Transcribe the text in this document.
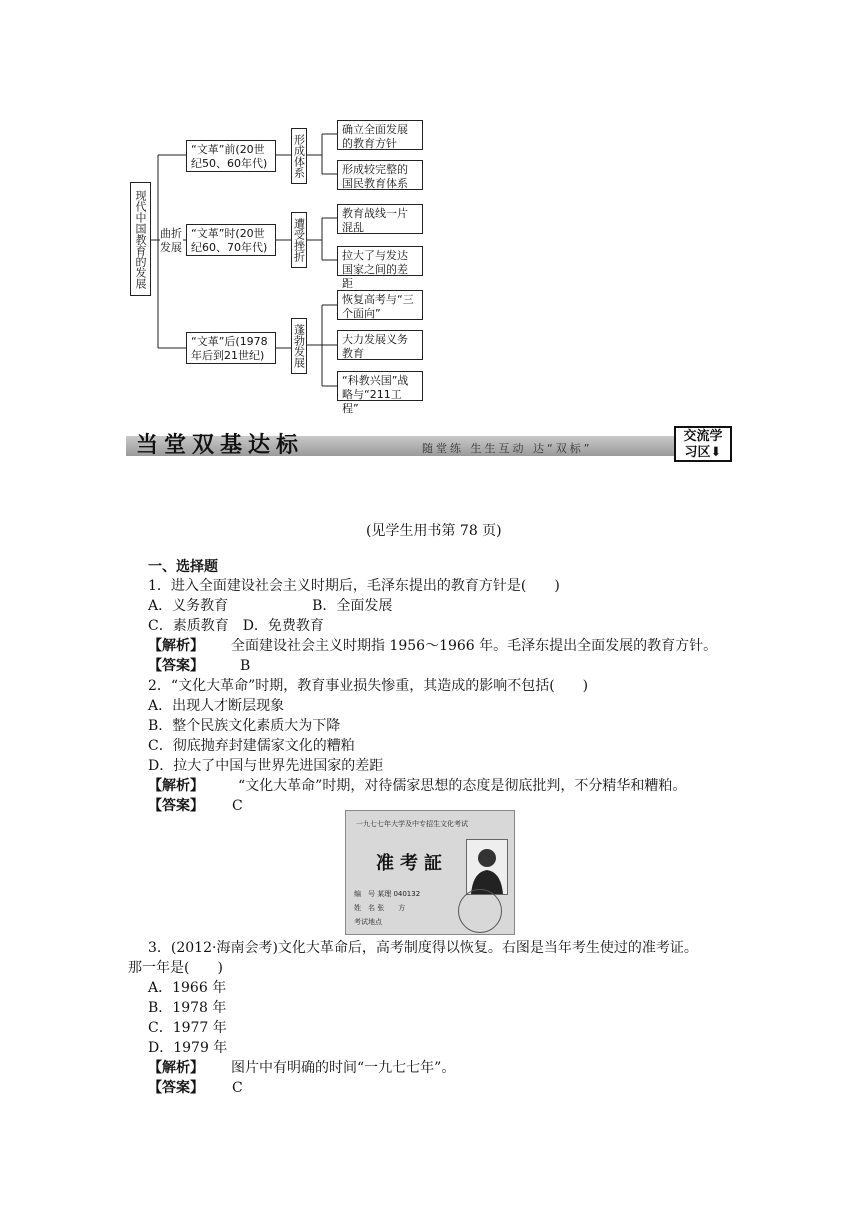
现代中国教育的发展	曲折发展
“文革”前(20世纪50、60年代)
“文革”时(20世纪60、70年代)
“文革”后(1978年后到21世纪)
形成体系
遭受挫折
蓬勃发展
确立全面发展的教育方针
形成较完整的国民教育体系
教育战线一片混乱
拉大了与发达国家之间的差距
恢复高考与“三个面向”
大力发展义务教育
“科教兴国”战略与“211工程”
当堂双基达标	随堂练 生生互动 达“双标”
交流学
习区⬇
(见学生用书第 78 页)
一、选择题
1．进入全面建设社会主义时期后，毛泽东提出的教育方针是(　　)
A．义务教育　　　　　　B．全面发展
C．素质教育　D．免费教育
【解析】 全面建设社会主义时期指 1956～1966 年。毛泽东提出全面发展的教育方针。
【答案】	B
2．“文化大革命”时期，教育事业损失惨重，其造成的影响不包括(　　)
A．出现人才断层现象
B．整个民族文化素质大为下降
C．彻底抛弃封建儒家文化的糟粕
D．拉大了中国与世界先进国家的差距
【解析】 “文化大革命”时期，对待儒家思想的态度是彻底批判，不分精华和糟粕。
【答案】 C
一九七七年大学及中专招生文化考试
准考証
编　号 某理 040132
姓　名 张　　方
考试地点
3．(2012·海南会考)文化大革命后，高考制度得以恢复。右图是当年考生使过的准考证。
那一年是(　　)
A．1966 年
B．1978 年
C．1977 年
D．1979 年
【解析】 图片中有明确的时间“一九七七年”。
【答案】 C
